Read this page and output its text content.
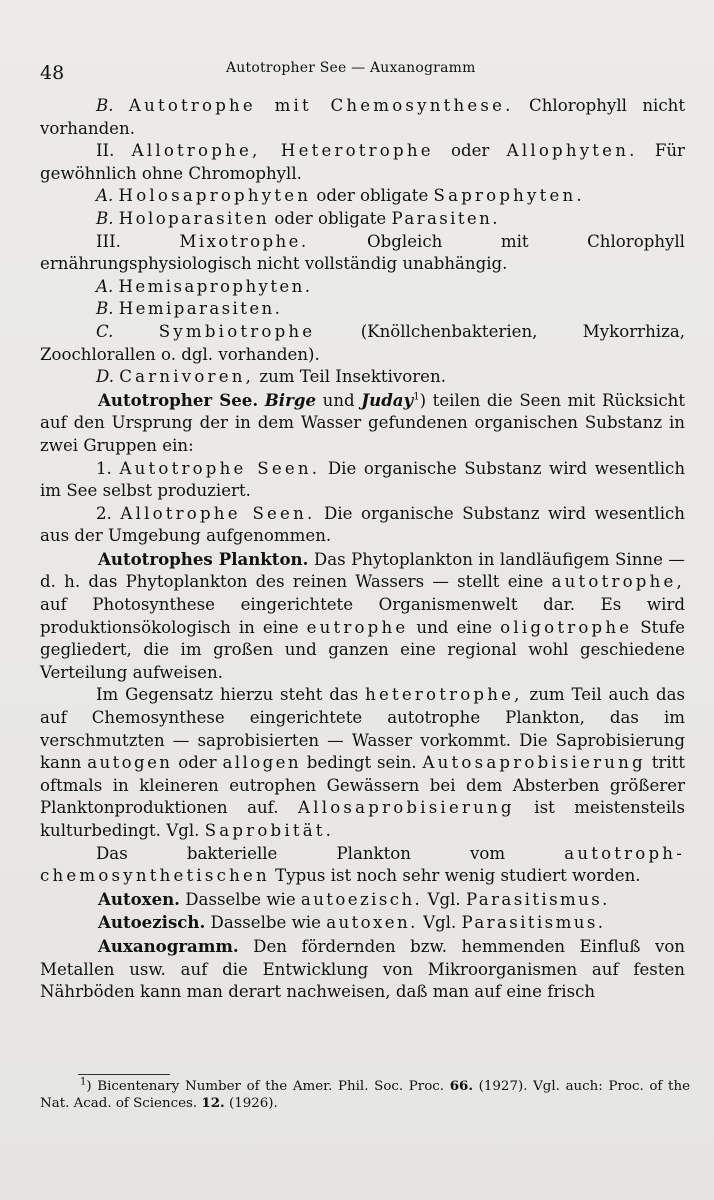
48	Autotropher See — Auxanogramm

B. Autotrophe mit Chemosynthese. Chlorophyll nicht vorhanden.

II. Allotrophe, Heterotrophe oder Allophyten. Für gewöhnlich ohne Chromophyll.

A. Holosaprophyten oder obligate Saprophyten.

B. Holoparasiten oder obligate Parasiten.

III.	Mixotrophe. Obgleich mit Chlorophyll ernährungsphysiologisch nicht vollständig unabhängig.

A. Hemisaprophyten.

B. Hemiparasiten.

C.	Symbiotrophe (Knöllchenbakterien, Mykorrhiza, Zoochlorallen o. dgl. vorhanden).

D. Carnivoren, zum Teil Insektivoren.

Autotropher See. Birge und Juday$^1$) teilen die Seen mit Rücksicht auf den Ursprung der in dem Wasser gefundenen organischen Substanz in zwei Gruppen ein:

1. Autotrophe Seen. Die organische Substanz wird wesentlich im See selbst produziert.

2. Allotrophe Seen. Die organische Substanz wird wesentlich aus der Umgebung aufgenommen.

Autotrophes Plankton. Das Phytoplankton in landläufigem Sinne — d. h. das Phytoplankton des reinen Wassers — stellt eine autotrophe, auf Photosynthese eingerichtete Organismenwelt dar. Es wird produktionsökologisch in eine eutrophe und eine oligotrophe Stufe gegliedert, die im großen und ganzen eine regional wohl geschiedene Verteilung aufweisen.

Im Gegensatz hierzu steht das heterotrophe, zum Teil auch das auf Chemosynthese eingerichtete autotrophe Plankton, das im verschmutzten — saprobisierten — Wasser vorkommt. Die Saprobisierung kann autogen oder allogen bedingt sein. Autosaprobisierung tritt oftmals in kleineren eutrophen Gewässern bei dem Absterben größerer Planktonproduktionen auf. Allosaprobisierung ist meistensteils kulturbedingt. Vgl. Saprobität.

Das bakterielle Plankton vom autotroph-chemosynthetischen Typus ist noch sehr wenig studiert worden.

Autoxen. Dasselbe wie autoezisch. Vgl. Parasitismus.

Autoezisch. Dasselbe wie autoxen. Vgl. Parasitismus.

Auxanogramm. Den fördernden bzw. hemmenden Einfluß von Metallen usw. auf die Entwicklung von Mikroorganismen auf festen Nährböden kann man derart nachweisen, daß man auf eine frisch

$^1$) Bicentenary Number of the Amer. Phil. Soc. Proc. 66. (1927). Vgl. auch: Proc. of the Nat. Acad. of Sciences. 12. (1926).
